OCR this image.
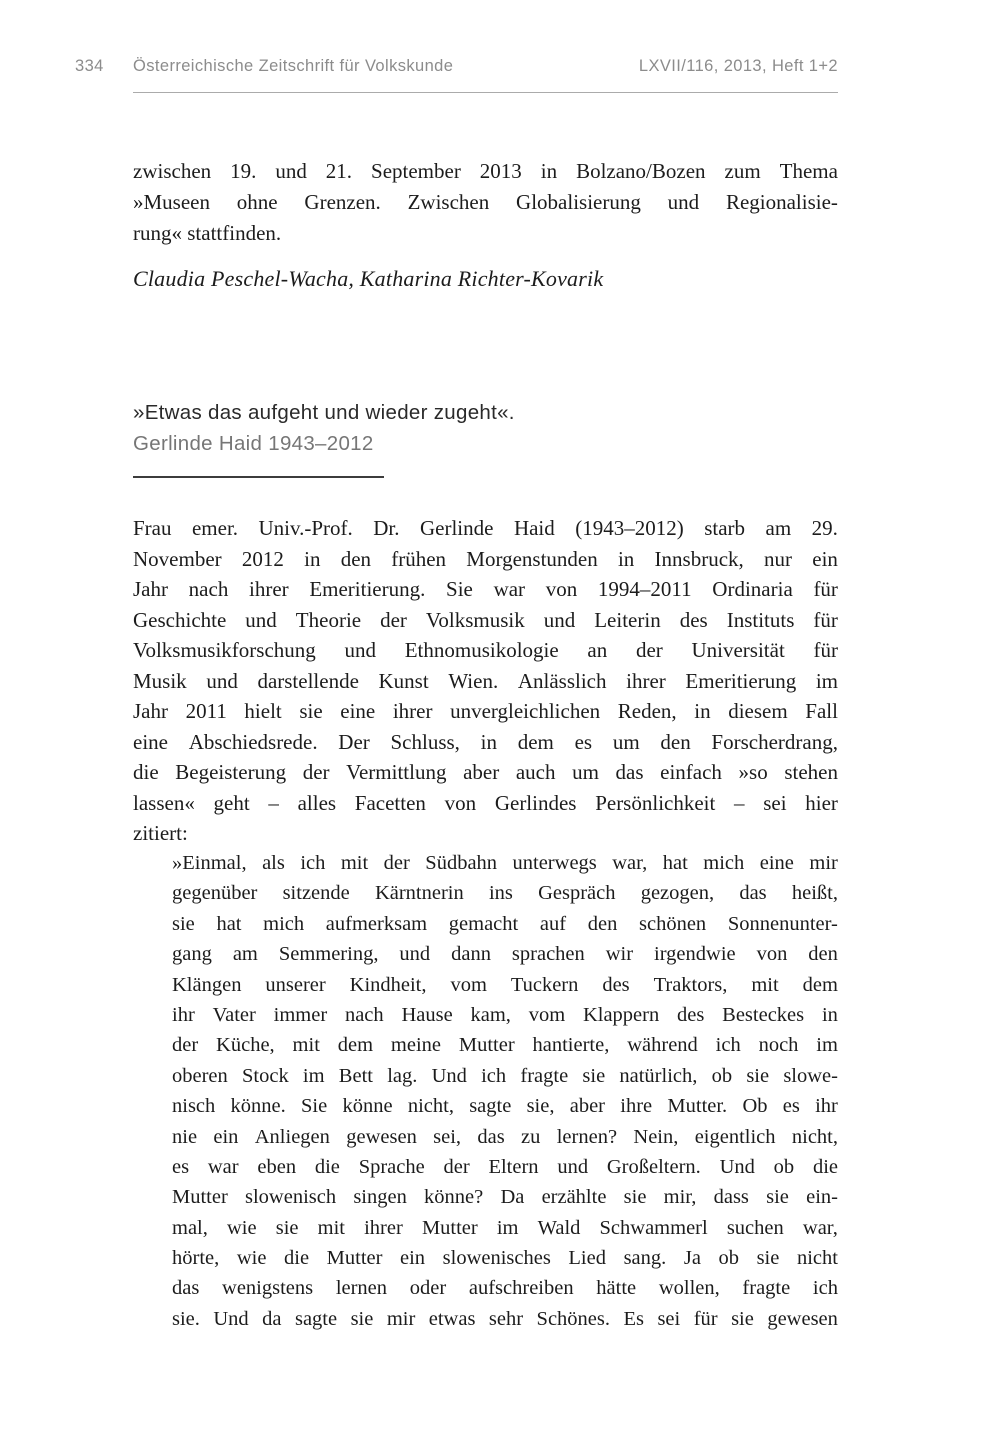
334 Österreichische Zeitschrift für Volkskunde	LXVII/116, 2013, Heft 1+2
zwischen 19. und 21. September 2013 in Bolzano/Bozen zum Thema
»Museen ohne Grenzen. Zwischen Globalisierung und Regionalisie-
rung« stattfinden.
Claudia Peschel-Wacha, Katharina Richter-Kovarik
»Etwas das aufgeht und wieder zugeht«.
Gerlinde Haid 1943–2012
Frau emer. Univ.-Prof. Dr. Gerlinde Haid (1943–2012) starb am 29.
November 2012 in den frühen Morgenstunden in Innsbruck, nur ein
Jahr nach ihrer Emeritierung. Sie war von 1994–2011 Ordinaria für
Geschichte und Theorie der Volksmusik und Leiterin des Instituts für
Volksmusikforschung und Ethnomusikologie an der Universität für
Musik und darstellende Kunst Wien. Anlässlich ihrer Emeritierung im
Jahr 2011 hielt sie eine ihrer unvergleichlichen Reden, in diesem Fall
eine Abschiedsrede. Der Schluss, in dem es um den Forscherdrang,
die Begeisterung der Vermittlung aber auch um das einfach »so stehen
lassen« geht – alles Facetten von Gerlindes Persönlichkeit – sei hier
zitiert:
»Einmal, als ich mit der Südbahn unterwegs war, hat mich eine mir
gegenüber sitzende Kärntnerin ins Gespräch gezogen, das heißt,
sie hat mich aufmerksam gemacht auf den schönen Sonnenunter-
gang am Semmering, und dann sprachen wir irgendwie von den
Klängen unserer Kindheit, vom Tuckern des Traktors, mit dem
ihr Vater immer nach Hause kam, vom Klappern des Besteckes in
der Küche, mit dem meine Mutter hantierte, während ich noch im
oberen Stock im Bett lag. Und ich fragte sie natürlich, ob sie slowe-
nisch könne. Sie könne nicht, sagte sie, aber ihre Mutter. Ob es ihr
nie ein Anliegen gewesen sei, das zu lernen? Nein, eigentlich nicht,
es war eben die Sprache der Eltern und Großeltern. Und ob die
Mutter slowenisch singen könne? Da erzählte sie mir, dass sie ein-
mal, wie sie mit ihrer Mutter im Wald Schwammerl suchen war,
hörte, wie die Mutter ein slowenisches Lied sang. Ja ob sie nicht
das wenigstens lernen oder aufschreiben hätte wollen, fragte ich
sie. Und da sagte sie mir etwas sehr Schönes. Es sei für sie gewesen
